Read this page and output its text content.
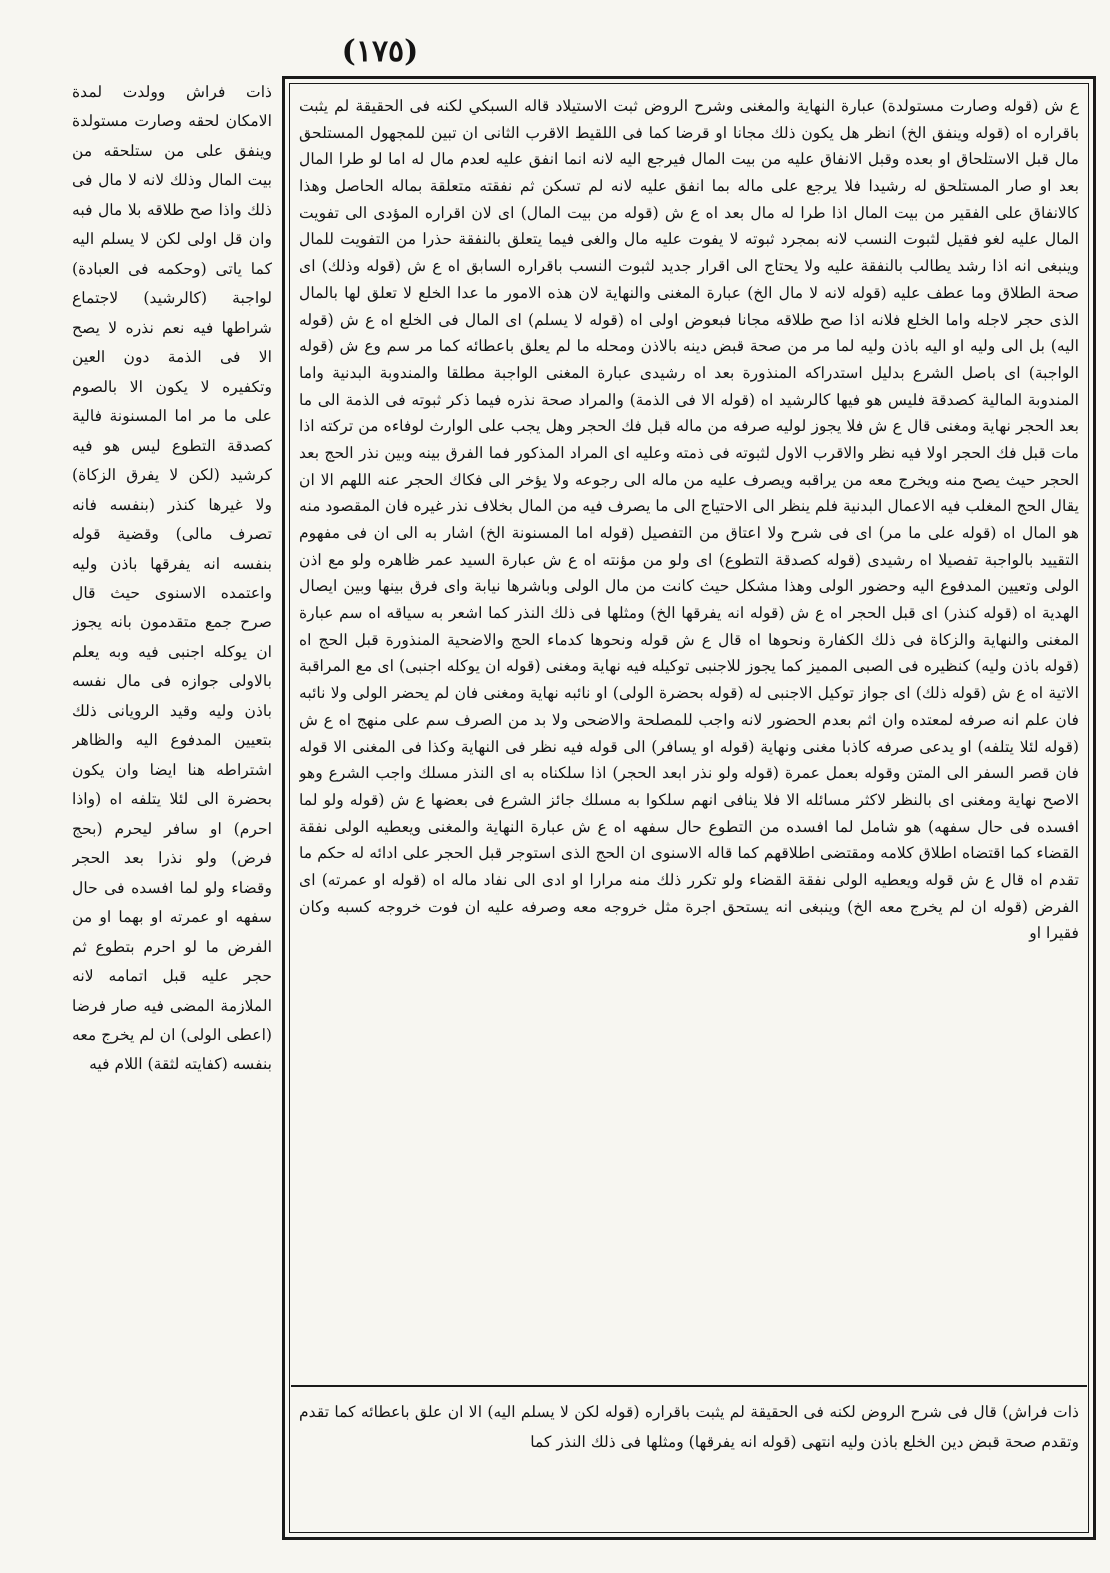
(١٧٥)
ع ش (قوله وصارت مستولدة) عبارة النهاية والمغنى وشرح الروض ثبت الاستيلاد قاله السبكي لكنه فى الحقيقة لم يثبت باقراره اه (قوله وينفق الخ) انظر هل يكون ذلك مجانا او قرضا كما فى اللقيط الاقرب الثانى ان تبين للمجهول المستلحق مال قبل الاستلحاق او بعده وقبل الانفاق عليه من بيت المال فيرجع اليه لانه انما انفق عليه لعدم مال له اما لو طرا المال بعد او صار المستلحق له رشيدا فلا يرجع على ماله بما انفق عليه لانه لم تسكن ثم نفقته متعلقة بماله الحاصل وهذا كالانفاق على الفقير من بيت المال اذا طرا له مال بعد اه ع ش (قوله من بيت المال) اى لان اقراره المؤدى الى تفويت المال عليه لغو فقيل لثبوت النسب لانه بمجرد ثبوته لا يفوت عليه مال والغى فيما يتعلق بالنفقة حذرا من التفويت للمال وينبغى انه اذا رشد يطالب بالنفقة عليه ولا يحتاج الى اقرار جديد لثبوت النسب باقراره السابق اه ع ش (قوله وذلك) اى صحة الطلاق وما عطف عليه (قوله لانه لا مال الخ) عبارة المغنى والنهاية لان هذه الامور ما عدا الخلع لا تعلق لها بالمال الذى حجر لاجله واما الخلع فلانه اذا صح طلاقه مجانا فبعوض اولى اه (قوله لا يسلم) اى المال فى الخلع اه ع ش (قوله اليه) بل الى وليه او اليه باذن وليه لما مر من صحة قبض دينه بالاذن ومحله ما لم يعلق باعطائه كما مر سم وع ش (قوله الواجبة) اى باصل الشرع بدليل استدراكه المنذورة بعد اه رشيدى عبارة المغنى الواجبة مطلقا والمندوبة البدنية واما المندوبة المالية كصدقة فليس هو فيها كالرشيد اه (قوله الا فى الذمة) والمراد صحة نذره فيما ذكر ثبوته فى الذمة الى ما بعد الحجر نهاية ومغنى قال ع ش فلا يجوز لوليه صرفه من ماله قبل فك الحجر وهل يجب على الوارث لوفاءه من تركته اذا مات قبل فك الحجر اولا فيه نظر والاقرب الاول لثبوته فى ذمته وعليه اى المراد المذكور فما الفرق بينه وبين نذر الحج بعد الحجر حيث يصح منه ويخرج معه من يراقبه ويصرف عليه من ماله الى رجوعه ولا يؤخر الى فكاك الحجر عنه اللهم الا ان يقال الحج المغلب فيه الاعمال البدنية فلم ينظر الى الاحتياج الى ما يصرف فيه من المال بخلاف نذر غيره فان المقصود منه هو المال اه (قوله على ما مر) اى فى شرح ولا اعتاق من التفصيل (قوله اما المسنونة الخ) اشار به الى ان فى مفهوم التقييد بالواجبة تفصيلا اه رشيدى (قوله كصدقة التطوع) اى ولو من مؤنته اه ع ش عبارة السيد عمر ظاهره ولو مع اذن الولى وتعيين المدفوع اليه وحضور الولى وهذا مشكل حيث كانت من مال الولى وباشرها نيابة واى فرق بينها وبين ايصال الهدية اه (قوله كنذر) اى قبل الحجر اه ع ش (قوله انه يفرقها الخ) ومثلها فى ذلك النذر كما اشعر به سياقه اه سم عبارة المغنى والنهاية والزكاة فى ذلك الكفارة ونحوها اه قال ع ش قوله ونحوها كدماء الحج والاضحية المنذورة قبل الحج اه (قوله باذن وليه) كنظيره فى الصبى المميز كما يجوز للاجنبى توكيله فيه نهاية ومغنى (قوله ان يوكله اجنبى) اى مع المراقبة الاتية اه ع ش (قوله ذلك) اى جواز توكيل الاجنبى له (قوله بحضرة الولى) او نائبه نهاية ومغنى فان لم يحضر الولى ولا نائبه فان علم انه صرفه لمعتده وان اثم بعدم الحضور لانه واجب للمصلحة والاضحى ولا بد من الصرف سم على منهج اه ع ش (قوله لئلا يتلفه) او يدعى صرفه كاذبا مغنى ونهاية (قوله او يسافر) الى قوله فيه نظر فى النهاية وكذا فى المغنى الا قوله فان قصر السفر الى المتن وقوله بعمل عمرة (قوله ولو نذر ابعد الحجر) اذا سلكناه به اى النذر مسلك واجب الشرع وهو الاصح نهاية ومغنى اى بالنظر لاكثر مسائله الا فلا ينافى انهم سلكوا به مسلك جائز الشرع فى بعضها ع ش (قوله ولو لما افسده فى حال سفهه) هو شامل لما افسده من التطوع حال سفهه اه ع ش عبارة النهاية والمغنى ويعطيه الولى نفقة القضاء كما اقتضاه اطلاق كلامه ومقتضى اطلاقهم كما قاله الاسنوى ان الحج الذى استوجر قبل الحجر على ادائه له حكم ما تقدم اه قال ع ش قوله ويعطيه الولى نفقة القضاء ولو تكرر ذلك منه مرارا او ادى الى نفاد ماله اه (قوله او عمرته) اى الفرض (قوله ان لم يخرج معه الخ) وينبغى انه يستحق اجرة مثل خروجه معه وصرفه عليه ان فوت خروجه كسبه وكان فقيرا او
ذات فراش) قال فى شرح الروض لكنه فى الحقيقة لم يثبت باقراره (قوله لكن لا يسلم اليه) الا ان علق باعطائه كما تقدم وتقدم صحة قبض دين الخلع باذن وليه انتهى (قوله انه يفرقها) ومثلها فى ذلك النذر كما
ذات فراش وولدت لمدة الامكان لحقه وصارت مستولدة وينفق على من ستلحقه من بيت المال وذلك لانه لا مال فى ذلك واذا صح طلاقه بلا مال فبه وان قل اولى لكن لا يسلم اليه كما ياتى (وحكمه فى العبادة) لواجبة (كالرشيد) لاجتماع شراطها فيه نعم نذره لا يصح الا فى الذمة دون العين وتكفيره لا يكون الا بالصوم على ما مر اما المسنونة فالية كصدقة التطوع ليس هو فيه كرشيد (لكن لا يفرق الزكاة) ولا غيرها كنذر (بنفسه فانه تصرف مالى) وقضية قوله بنفسه انه يفرقها باذن وليه واعتمده الاسنوى حيث قال صرح جمع متقدمون بانه يجوز ان يوكله اجنبى فيه وبه يعلم بالاولى جوازه فى مال نفسه باذن وليه وقيد الرويانى ذلك بتعيين المدفوع اليه والظاهر اشتراطه هنا ايضا وان يكون بحضرة الى لئلا يتلفه اه (واذا احرم) او سافر ليحرم (بحج فرض) ولو نذرا بعد الحجر وقضاء ولو لما افسده فى حال سفهه او عمرته او بهما او من الفرض ما لو احرم بتطوع ثم حجر عليه قبل اتمامه لانه الملازمة المضى فيه صار فرضا (اعطى الولى) ان لم يخرج معه بنفسه (كفايته لثقة) اللام فيه
